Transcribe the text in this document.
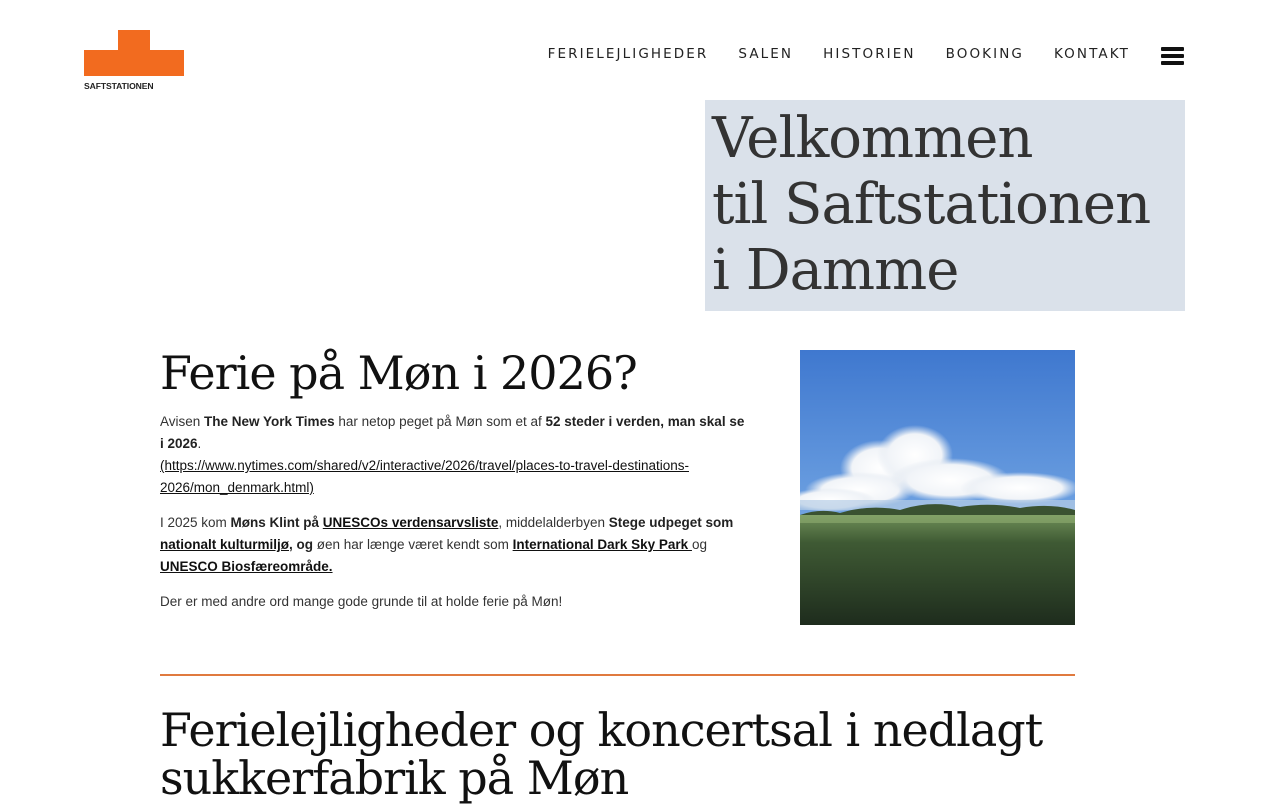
SAFTSTATIONEN
FERIELEJLIGHEDER SALEN HISTORIEN BOOKING KONTAKT
Velkommen
til Saftstationen
i Damme
Ferie på Møn i 2026?

Avisen The New York Times har netop peget på Møn som et af 52 steder i verden, man skal se i 2026.
(https://www.nytimes.com/shared/v2/interactive/2026/travel/places-to-travel-destinations-2026/mon_denmark.html)

I 2025 kom Møns Klint på UNESCOs verdensarvsliste, middelalderbyen Stege udpeget som nationalt kulturmiljø, og øen har længe været kendt som International Dark Sky Park og UNESCO Biosfæreområde.

Der er med andre ord mange gode grunde til at holde ferie på Møn!

Ferielejligheder og koncertsal i nedlagt sukkerfabrik på Møn
